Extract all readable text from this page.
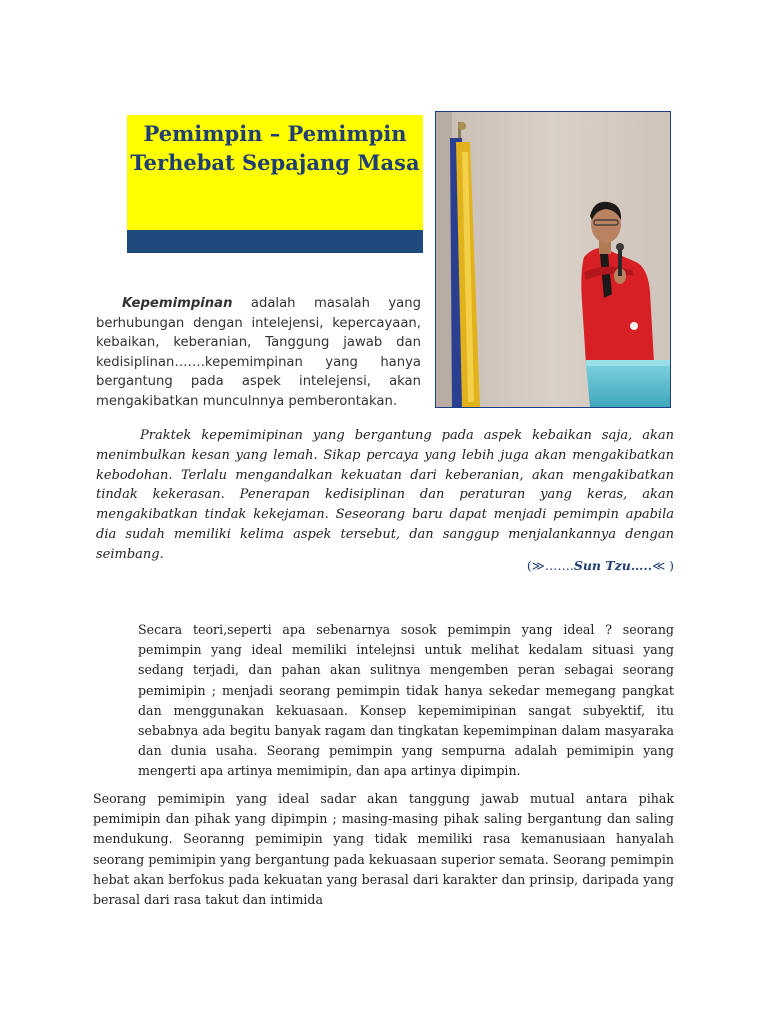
Pemimpin – Pemimpin Terhebat Sepajang Masa

Kepemimpinan adalah masalah yang berhubungan dengan intelejensi, kepercayaan, kebaikan, keberanian, Tanggung jawab dan kedisiplinan…….kepemimpinan yang hanya bergantung pada aspek intelejensi, akan mengakibatkan munculnnya pemberontakan.

Praktek kepemimipinan yang bergantung pada aspek kebaikan saja, akan menimbulkan kesan yang lemah. Sikap percaya yang lebih juga akan mengakibatkan kebodohan. Terlalu mengandalkan kekuatan dari keberanian, akan mengakibatkan tindak kekerasan. Penerapan kedisiplinan dan peraturan yang keras, akan mengakibatkan tindak kekejaman. Seseorang baru dapat menjadi pemimpin apabila dia sudah memiliki kelima aspek tersebut, dan sanggup menjalankannya dengan seimbang.

(≫…….Sun Tzu…..≪ )

Secara teori,seperti apa sebenarnya sosok pemimpin yang ideal ? seorang pemimpin yang ideal memiliki intelejnsi untuk melihat kedalam situasi yang sedang terjadi, dan pahan akan sulitnya mengemben peran sebagai seorang pemimipin ; menjadi seorang pemimpin tidak hanya sekedar memegang pangkat dan menggunakan kekuasaan. Konsep kepemimipinan sangat subyektif, itu sebabnya ada begitu banyak ragam dan tingkatan kepemimpinan dalam masyaraka dan dunia usaha. Seorang pemimpin yang sempurna adalah pemimipin yang mengerti apa artinya memimipin, dan apa artinya dipimpin.

Seorang pemimipin yang ideal sadar akan tanggung jawab mutual antara pihak pemimipin dan pihak yang dipimpin ; masing-masing pihak saling bergantung dan saling mendukung. Seoranng pemimipin yang tidak memiliki rasa kemanusiaan hanyalah seorang pemimipin yang bergantung pada kekuasaan superior semata. Seorang pemimpin hebat akan berfokus pada kekuatan yang berasal dari karakter dan prinsip, daripada yang berasal dari rasa takut dan intimida
